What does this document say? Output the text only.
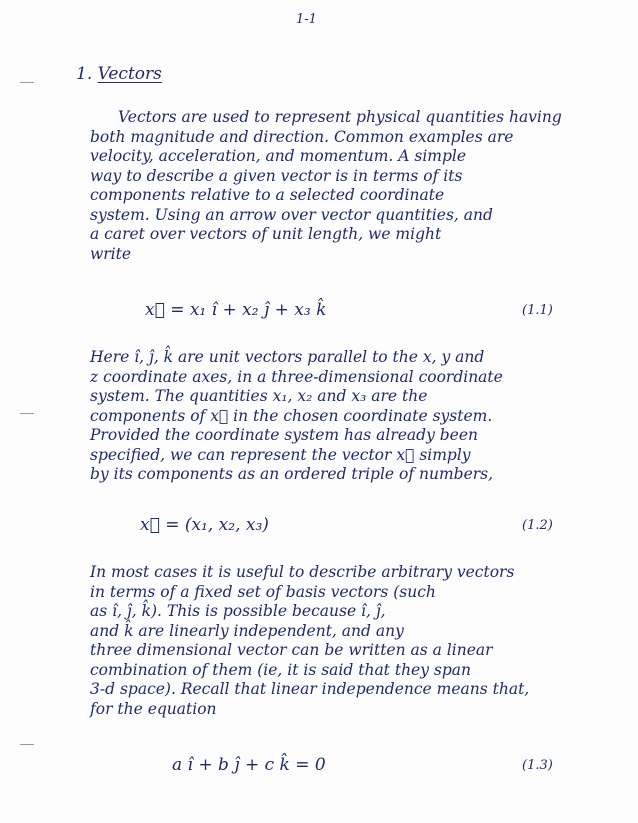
1-1
1. Vectors
Vectors are used to represent physical quantities having
both magnitude and direction. Common examples are
velocity, acceleration, and momentum. A simple
way to describe a given vector is in terms of its
components relative to a selected coordinate
system. Using an arrow over vector quantities, and
a caret over vectors of unit length, we might
write
x⃗ = x₁ î + x₂ ĵ + x₃ k̂	(1.1)
Here î, ĵ, k̂ are unit vectors parallel to the x, y and
z coordinate axes, in a three-dimensional coordinate
system. The quantities x₁, x₂ and x₃ are the
components of x⃗ in the chosen coordinate system.
Provided the coordinate system has already been
specified, we can represent the vector x⃗ simply
by its components as an ordered triple of numbers,
x⃗ = (x₁, x₂, x₃)	(1.2)
In most cases it is useful to describe arbitrary vectors
in terms of a fixed set of basis vectors (such
as î, ĵ, k̂). This is possible because î, ĵ,
and k̂ are linearly independent, and any
three dimensional vector can be written as a linear
combination of them (ie, it is said that they span
3-d space). Recall that linear independence means that,
for the equation
a î + b ĵ + c k̂ = 0	(1.3)
